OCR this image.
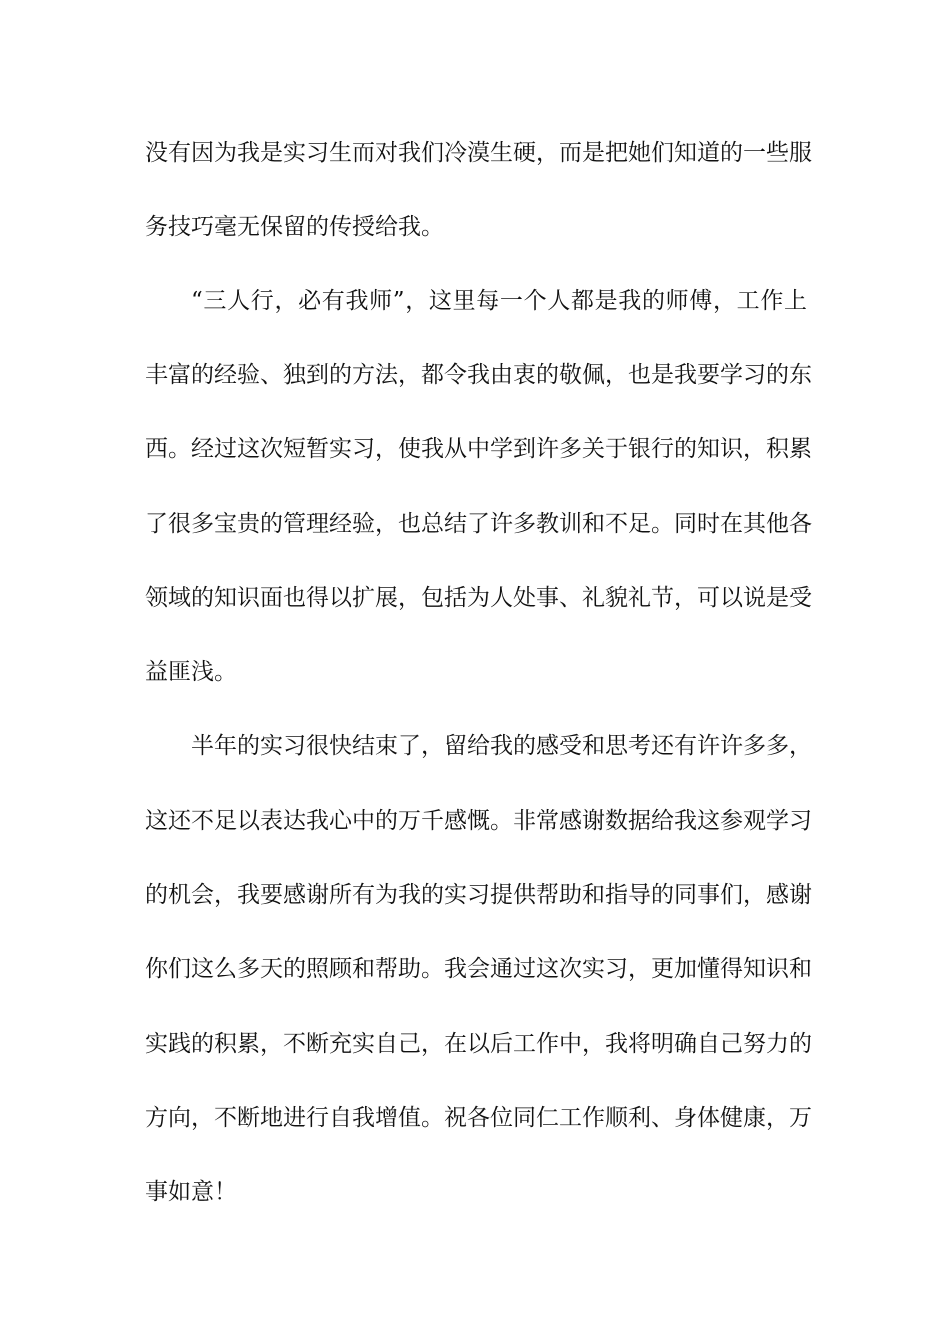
没有因为我是实习生而对我们冷漠生硬，而是把她们知道的一些服
务技巧毫无保留的传授给我。
“三人行，必有我师”，这里每一个人都是我的师傅，工作上
丰富的经验、独到的方法，都令我由衷的敬佩，也是我要学习的东
西。经过这次短暂实习，使我从中学到许多关于银行的知识，积累
了很多宝贵的管理经验，也总结了许多教训和不足。同时在其他各
领域的知识面也得以扩展，包括为人处事、礼貌礼节，可以说是受
益匪浅。
半年的实习很快结束了，留给我的感受和思考还有许许多多，
这还不足以表达我心中的万千感慨。非常感谢数据给我这参观学习
的机会，我要感谢所有为我的实习提供帮助和指导的同事们，感谢
你们这么多天的照顾和帮助。我会通过这次实习，更加懂得知识和
实践的积累，不断充实自己，在以后工作中，我将明确自己努力的
方向，不断地进行自我增值。祝各位同仁工作顺利、身体健康，万
事如意！
